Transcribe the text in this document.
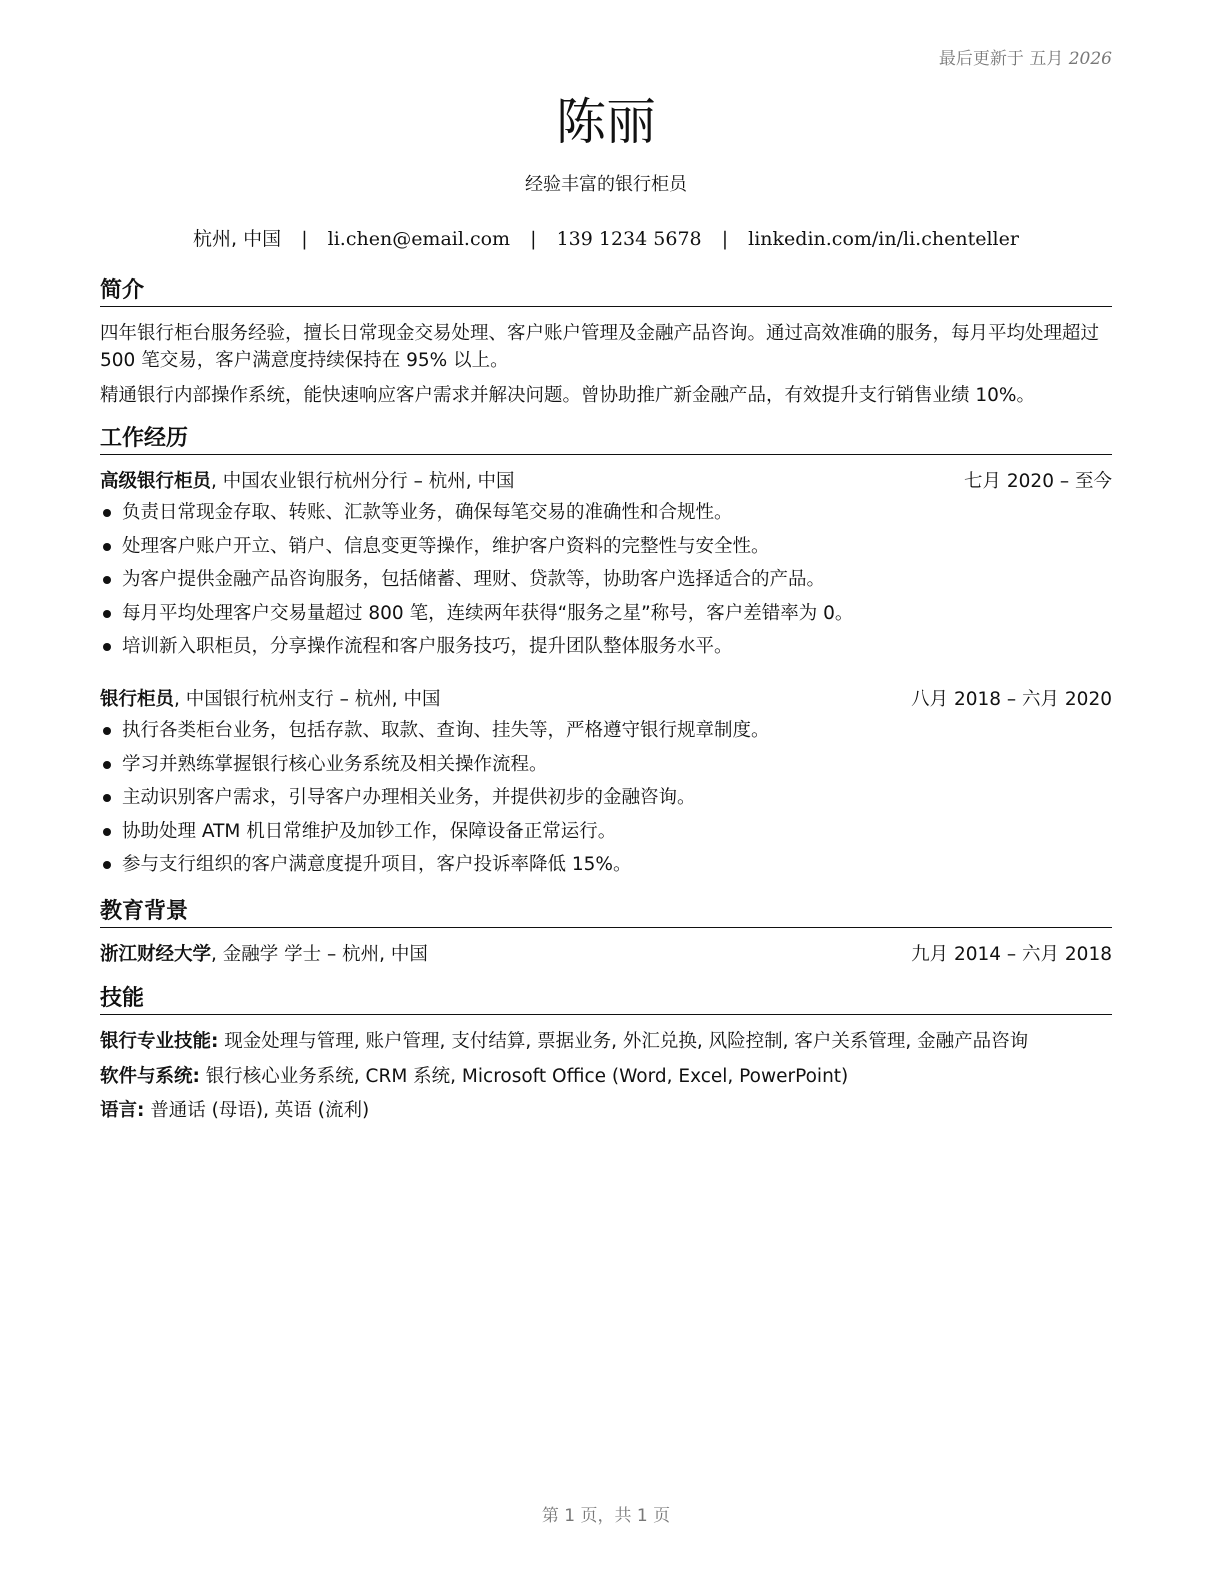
最后更新于 五月 2026
陈丽
经验丰富的银行柜员
杭州, 中国 | li.chen@email.com | 139 1234 5678 | linkedin.com/in/li.chenteller
简介
四年银行柜台服务经验，擅长日常现金交易处理、客户账户管理及金融产品咨询。通过高效准确的服务，每月平均处理超过 500 笔交易，客户满意度持续保持在 95% 以上。
精通银行内部操作系统，能快速响应客户需求并解决问题。曾协助推广新金融产品，有效提升支行销售业绩 10%。
工作经历
高级银行柜员, 中国农业银行杭州分行 – 杭州, 中国	七月 2020 – 至今
负责日常现金存取、转账、汇款等业务，确保每笔交易的准确性和合规性。
处理客户账户开立、销户、信息变更等操作，维护客户资料的完整性与安全性。
为客户提供金融产品咨询服务，包括储蓄、理财、贷款等，协助客户选择适合的产品。
每月平均处理客户交易量超过 800 笔，连续两年获得“服务之星”称号，客户差错率为 0。
培训新入职柜员，分享操作流程和客户服务技巧，提升团队整体服务水平。
银行柜员, 中国银行杭州支行 – 杭州, 中国	八月 2018 – 六月 2020
执行各类柜台业务，包括存款、取款、查询、挂失等，严格遵守银行规章制度。
学习并熟练掌握银行核心业务系统及相关操作流程。
主动识别客户需求，引导客户办理相关业务，并提供初步的金融咨询。
协助处理 ATM 机日常维护及加钞工作，保障设备正常运行。
参与支行组织的客户满意度提升项目，客户投诉率降低 15%。
教育背景
浙江财经大学, 金融学 学士 – 杭州, 中国	九月 2014 – 六月 2018
技能
银行专业技能: 现金处理与管理, 账户管理, 支付结算, 票据业务, 外汇兑换, 风险控制, 客户关系管理, 金融产品咨询
软件与系统: 银行核心业务系统, CRM 系统, Microsoft Office (Word, Excel, PowerPoint)
语言: 普通话 (母语), 英语 (流利)
第 1 页，共 1 页
